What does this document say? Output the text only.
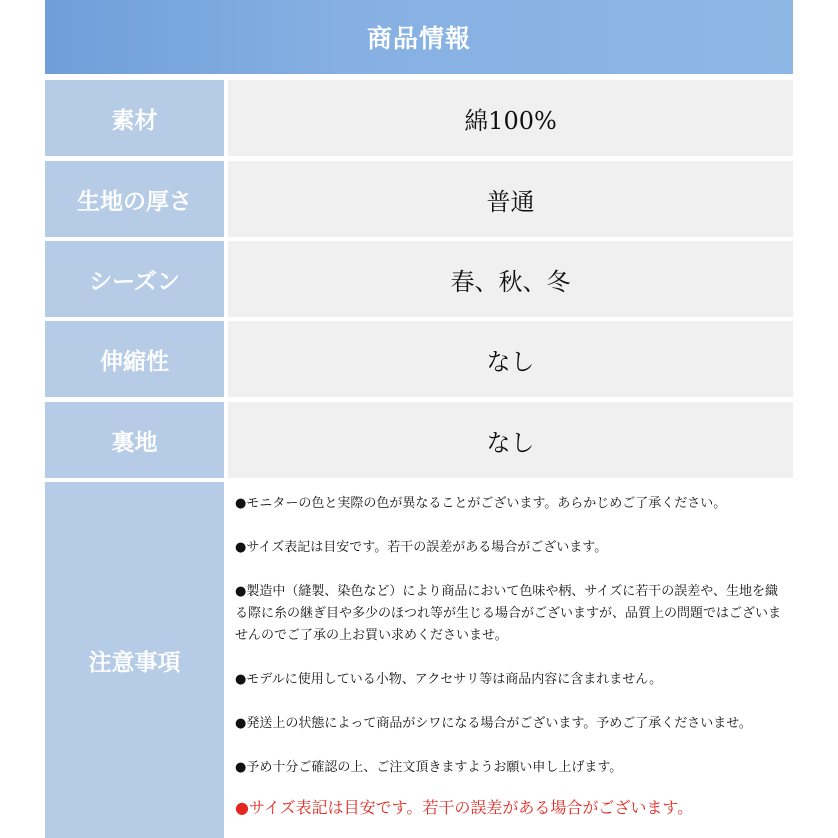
商品情報
素材	綿100%
生地の厚さ	普通
シーズン	春、秋、冬
伸縮性	なし
裏地	なし
注意事項

●モニターの色と実際の色が異なることがございます。あらかじめご了承ください。

●サイズ表記は目安です。若干の誤差がある場合がございます。

●製造中（縫製、染色など）により商品において色味や柄、サイズに若干の誤差や、生地を織る際に糸の継ぎ目や多少のほつれ等が生じる場合がございますが、品質上の問題ではございませんのでご了承の上お買い求めくださいませ。

●モデルに使用している小物、アクセサリ等は商品内容に含まれません。

●発送上の状態によって商品がシワになる場合がございます。予めご了承くださいませ。

●予め十分ご確認の上、ご注文頂きますようお願い申し上げます。

●サイズ表記は目安です。若干の誤差がある場合がございます。
